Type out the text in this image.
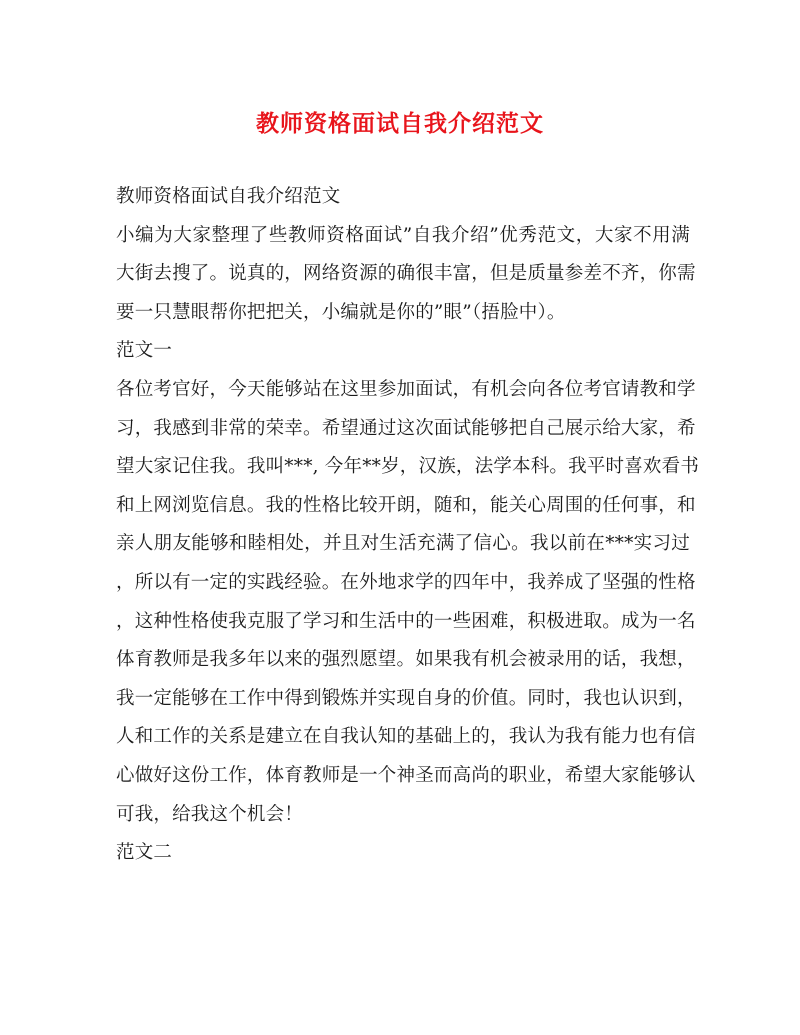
教师资格面试自我介绍范文
教师资格面试自我介绍范文
小编为大家整理了些教师资格面试”自我介绍”优秀范文，大家不用满
大街去搜了。说真的，网络资源的确很丰富，但是质量参差不齐，你需
要一只慧眼帮你把把关，小编就是你的”眼”（捂脸中）。
范文一
各位考官好，今天能够站在这里参加面试，有机会向各位考官请教和学
习，我感到非常的荣幸。希望通过这次面试能够把自己展示给大家，希
望大家记住我。我叫***, 今年**岁，汉族，法学本科。我平时喜欢看书
和上网浏览信息。我的性格比较开朗，随和，能关心周围的任何事，和
亲人朋友能够和睦相处，并且对生活充满了信心。我以前在***实习过
，所以有一定的实践经验。在外地求学的四年中，我养成了坚强的性格
，这种性格使我克服了学习和生活中的一些困难，积极进取。成为一名
体育教师是我多年以来的强烈愿望。如果我有机会被录用的话，我想，
我一定能够在工作中得到锻炼并实现自身的价值。同时，我也认识到，
人和工作的关系是建立在自我认知的基础上的，我认为我有能力也有信
心做好这份工作，体育教师是一个神圣而高尚的职业，希望大家能够认
可我，给我这个机会！
范文二
